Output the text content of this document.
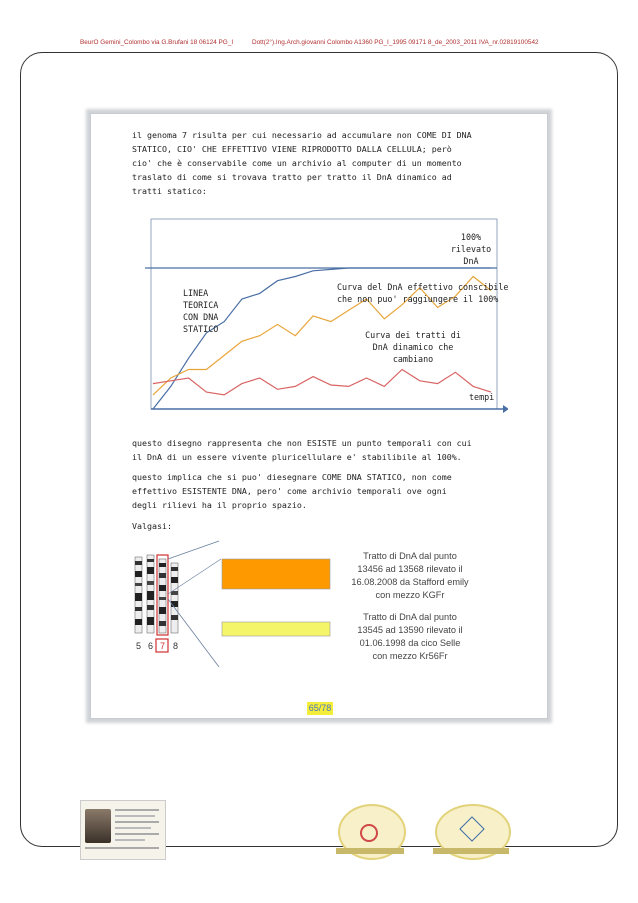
BeurO Gemini_Colombo via G.Brufani 18 06124 PG_I	Dott(2°).Ing.Arch.giovanni Colombo A1360 PG_I_1995 09171 8_de_2003_2011 IVA_nr.02819100542
il genoma 7 risulta per cui necessario ad accumulare non COME DI DNA
STATICO, CIO' CHE EFFETTIVO VIENE RIPRODOTTO DALLA CELLULA; però
cio' che è conservabile come un archivio al computer di un momento
traslato di come si trovava tratto per tratto il DnA dinamico ad
tratti statico:
100%
rilevato
DnA
LINEA
TEORICA
CON DNA
STATICO
Curva del DnA effettivo conscibile
che non puo' raggiungere il 100%
Curva dei tratti di
DnA dinamico che
cambiano
tempi
questo disegno rappresenta che non ESISTE un punto temporali con cui
il DnA di un essere vivente pluricellulare e' stabilibile al 100%.
questo implica che si puo' diesegnare COME DNA STATICO, non come
effettivo ESISTENTE DNA, pero' come archivio temporali ove ogni
degli rilievi ha il proprio spazio.
Valgasi:
5 6 7 8
Tratto di DnA dal punto
13456 ad 13568 rilevato il
16.08.2008 da Stafford emily
con mezzo KGFr
Tratto di DnA dal punto
13545 ad 13590 rilevato il
01.06.1998 da cico Selle
con mezzo Kr56Fr
65/78
